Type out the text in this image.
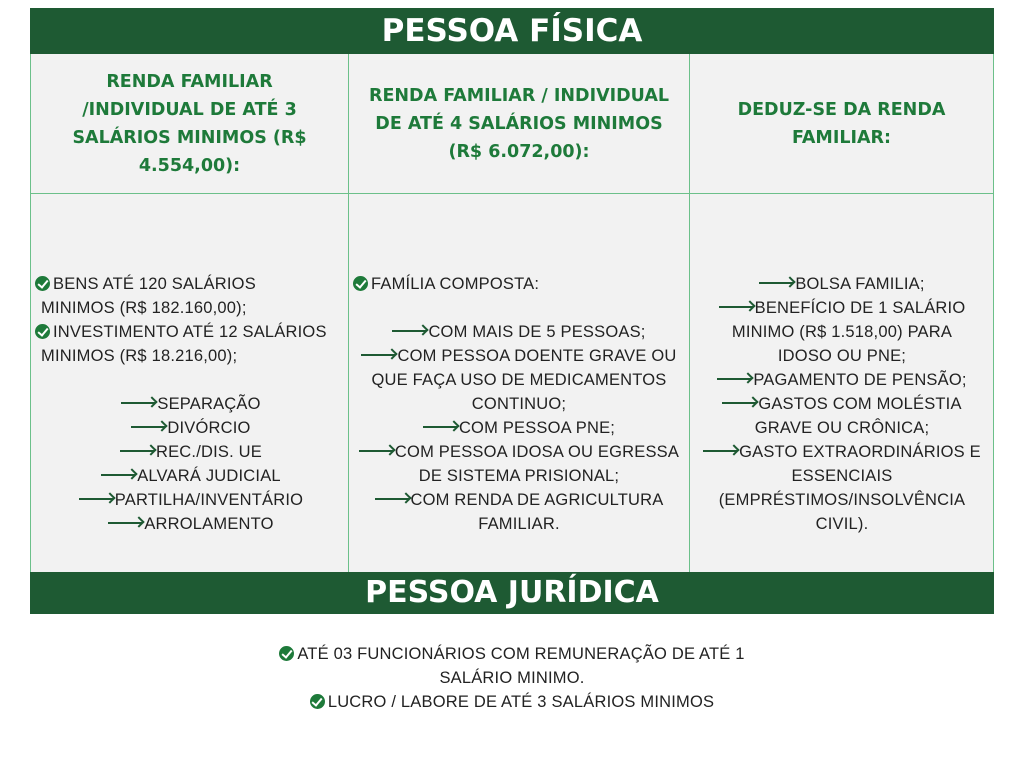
PESSOA FÍSICA
RENDA FAMILIAR
/INDIVIDUAL DE ATÉ 3
SALÁRIOS MINIMOS (R$
4.554,00):
RENDA FAMILIAR / INDIVIDUAL
DE ATÉ 4 SALÁRIOS MINIMOS
(R$ 6.072,00):
DEDUZ-SE DA RENDA
FAMILIAR:
BENS ATÉ 120 SALÁRIOS
MINIMOS (R$ 182.160,00);
INVESTIMENTO ATÉ 12 SALÁRIOS
MINIMOS (R$ 18.216,00);
SEPARAÇÃO
DIVÓRCIO
REC./DIS. UE
ALVARÁ JUDICIAL
PARTILHA/INVENTÁRIO
ARROLAMENTO
FAMÍLIA COMPOSTA:
COM MAIS DE 5 PESSOAS;
COM PESSOA DOENTE GRAVE OU
QUE FAÇA USO DE MEDICAMENTOS
CONTINUO;
COM PESSOA PNE;
COM PESSOA IDOSA OU EGRESSA
DE SISTEMA PRISIONAL;
COM RENDA DE AGRICULTURA
FAMILIAR.
BOLSA FAMILIA;
BENEFÍCIO DE 1 SALÁRIO
MINIMO (R$ 1.518,00) PARA
IDOSO OU PNE;
PAGAMENTO DE PENSÃO;
GASTOS COM MOLÉSTIA
GRAVE OU CRÔNICA;
GASTO EXTRAORDINÁRIOS E
ESSENCIAIS
(EMPRÉSTIMOS/INSOLVÊNCIA
CIVIL).
PESSOA JURÍDICA
ATÉ 03 FUNCIONÁRIOS COM REMUNERAÇÃO DE ATÉ 1
SALÁRIO MINIMO.
LUCRO / LABORE DE ATÉ 3 SALÁRIOS MINIMOS
